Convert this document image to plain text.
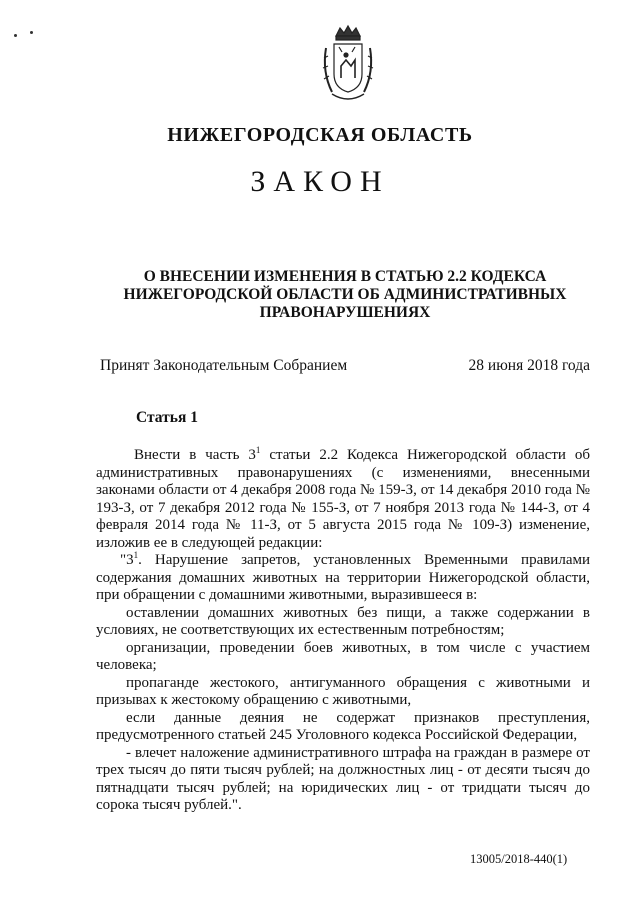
НИЖЕГОРОДСКАЯ ОБЛАСТЬ
ЗАКОН
О ВНЕСЕНИИ ИЗМЕНЕНИЯ В СТАТЬЮ 2.2 КОДЕКСА
НИЖЕГОРОДСКОЙ ОБЛАСТИ ОБ АДМИНИСТРАТИВНЫХ
ПРАВОНАРУШЕНИЯХ
Принят Законодательным Собранием	28 июня 2018 года
Статья 1

Внести в часть $3^1$ статьи 2.2 Кодекса Нижегородской области об административных правонарушениях (с изменениями, внесенными законами области от 4 декабря 2008 года № 159-З, от 14 декабря 2010 года № 193-З, от 7 декабря 2012 года № 155-З, от 7 ноября 2013 года № 144-З, от 4 февраля 2014 года № 11-З, от 5 августа 2015 года № 109-З) изменение, изложив ее в следующей редакции:

"$3^1$. Нарушение запретов, установленных Временными правилами содержания домашних животных на территории Нижегородской области, при обращении с домашними животными, выразившееся в:

оставлении домашних животных без пищи, а также содержании в условиях, не соответствующих их естественным потребностям;

организации, проведении боев животных, в том числе с участием человека;

пропаганде жестокого, антигуманного обращения с животными и призывах к жестокому обращению с животными,

если данные деяния не содержат признаков преступления, предусмотренного статьей 245 Уголовного кодекса Российской Федерации,

- влечет наложение административного штрафа на граждан в размере от трех тысяч до пяти тысяч рублей; на должностных лиц - от десяти тысяч до пятнадцати тысяч рублей; на юридических лиц - от тридцати тысяч до сорока тысяч рублей.".

13005/2018-440(1)
